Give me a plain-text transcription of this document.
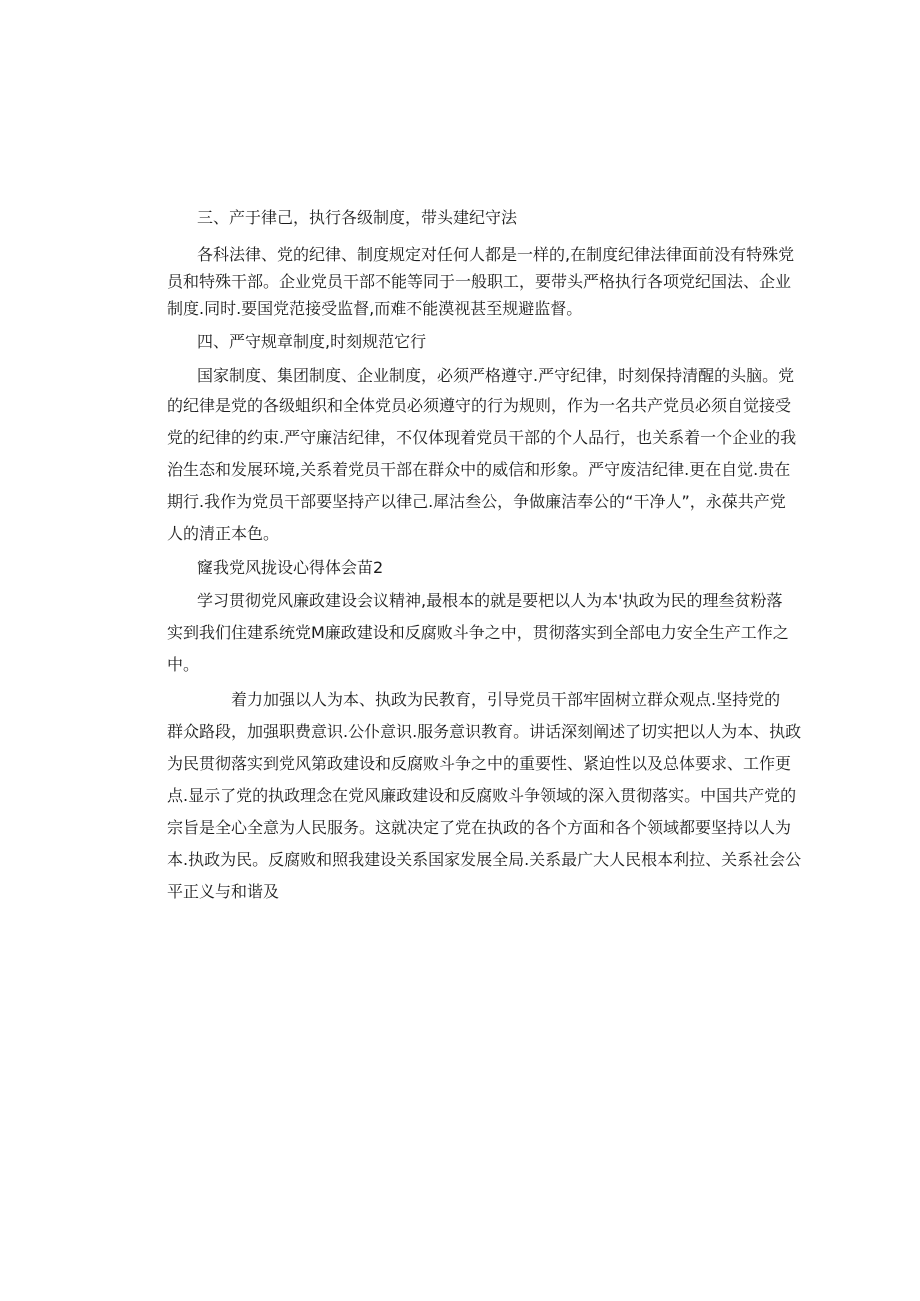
三、产于律己，执行各级制度，带头建纪守法
各科法律、党的纪律、制度规定对任何人都是一样的,在制度纪律法律面前没有特殊党
员和特殊干部。企业党员干部不能等同于一般职工，要带头严格执行各项党纪国法、企业
制度.同时.要国党范接受监督,而难不能漠视甚至规避监督。
四、严守规章制度,时刻规范它行
国家制度、集团制度、企业制度，必须严格遵守.严守纪律，时刻保持清醒的头脑。党
的纪律是党的各级蛆织和全体党员必须遵守的行为规则，作为一名共产党员必须自觉接受
党的纪律的约束.严守廉洁纪律，不仅体现着党员干部的个人品行，也关系着一个企业的我
治生态和发展环境,关系着党员干部在群众中的威信和形象。严守废洁纪律.更在自觉.贵在
期行.我作为党员干部要坚持产以律己.犀沽叁公，争做廉洁奉公的“干净人”，永葆共产党
人的清正本色。
窿我党风拢设心得体会苗2
学习贯彻党风廉政建设会议精神,最根本的就是要杷以人为本'执政为民的理叁贫粉落
实到我们住建系统党M廉政建设和反腐败斗争之中，贯彻落实到全部电力安全生产工作之
中。
着力加强以人为本、执政为民教育，引导党员干部牢固树立群众观点.坚持党的
群众路段，加强职费意识.公仆意识.服务意识教育。讲话深刻阐述了切实把以人为本、执政
为民贯彻落实到党风第政建设和反腐败斗争之中的重要性、紧迫性以及总体要求、工作更
点.显示了党的执政理念在党风廉政建设和反腐败斗争领域的深入贯彻落实。中国共产党的
宗旨是全心全意为人民服务。这就决定了党在执政的各个方面和各个领域都要坚持以人为
本.执政为民。反腐败和照我建设关系国家发展全局.关系最广大人民根本利拉、关系社会公
平正义与和谐及
